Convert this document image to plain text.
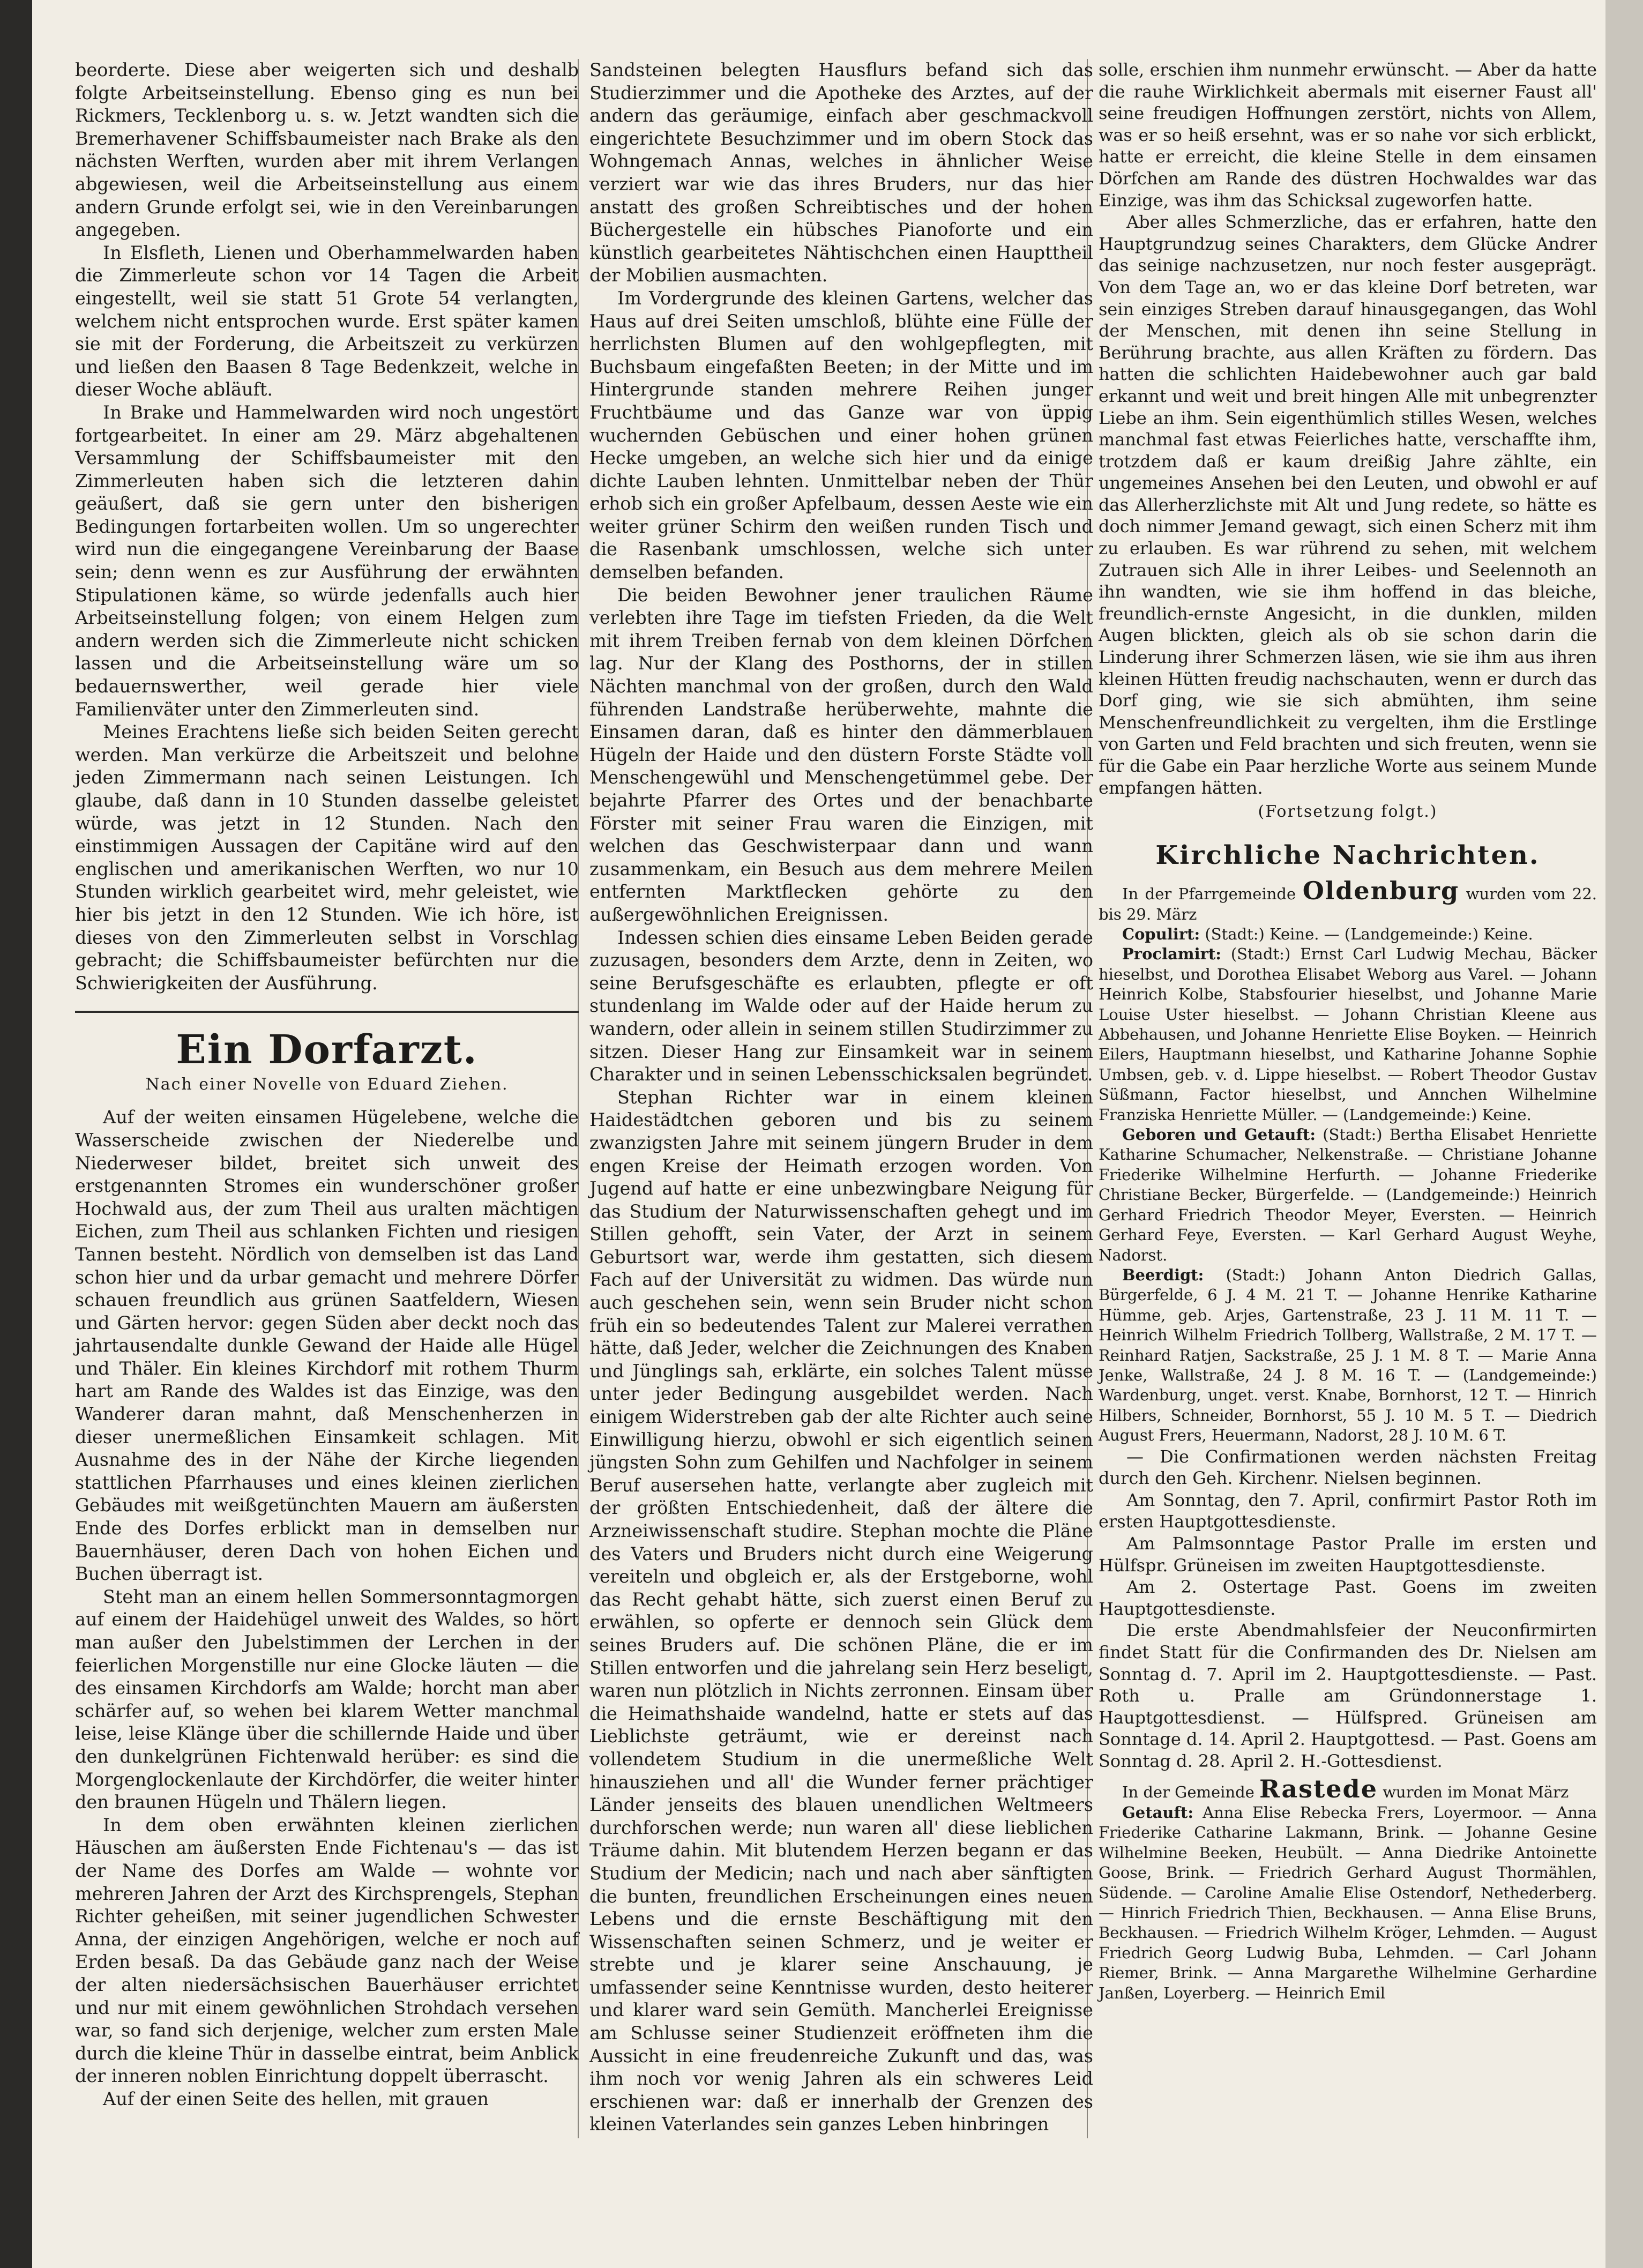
beorderte. Diese aber weigerten sich und deshalb folgte Arbeitseinstellung. Ebenso ging es nun bei Rickmers, Tecklenborg u. s. w. Jetzt wandten sich die Bremerhavener Schiffsbaumeister nach Brake als den nächsten Werften, wurden aber mit ihrem Verlangen abgewiesen, weil die Arbeitseinstellung aus einem andern Grunde erfolgt sei, wie in den Vereinbarungen angegeben.

In Elsfleth, Lienen und Oberhammelwarden haben die Zimmerleute schon vor 14 Tagen die Arbeit eingestellt, weil sie statt 51 Grote 54 verlangten, welchem nicht entsprochen wurde. Erst später kamen sie mit der Forderung, die Arbeitszeit zu verkürzen und ließen den Baasen 8 Tage Bedenkzeit, welche in dieser Woche abläuft.

In Brake und Hammelwarden wird noch ungestört fortgearbeitet. In einer am 29. März abgehaltenen Versammlung der Schiffsbaumeister mit den Zimmerleuten haben sich die letzteren dahin geäußert, daß sie gern unter den bisherigen Bedingungen fortarbeiten wollen. Um so ungerechter wird nun die eingegangene Vereinbarung der Baase sein; denn wenn es zur Ausführung der erwähnten Stipulationen käme, so würde jedenfalls auch hier Arbeitseinstellung folgen; von einem Helgen zum andern werden sich die Zimmerleute nicht schicken lassen und die Arbeitseinstellung wäre um so bedauernswerther, weil gerade hier viele Familienväter unter den Zimmerleuten sind.

Meines Erachtens ließe sich beiden Seiten gerecht werden. Man verkürze die Arbeitszeit und belohne jeden Zimmermann nach seinen Leistungen. Ich glaube, daß dann in 10 Stunden dasselbe geleistet würde, was jetzt in 12 Stunden. Nach den einstimmigen Aussagen der Capitäne wird auf den englischen und amerikanischen Werften, wo nur 10 Stunden wirklich gearbeitet wird, mehr geleistet, wie hier bis jetzt in den 12 Stunden. Wie ich höre, ist dieses von den Zimmerleuten selbst in Vorschlag gebracht; die Schiffsbaumeister befürchten nur die Schwierigkeiten der Ausführung.

Ein Dorfarzt.
Nach einer Novelle von Eduard Ziehen.

Auf der weiten einsamen Hügelebene, welche die Wasserscheide zwischen der Niederelbe und Niederweser bildet, breitet sich unweit des erstgenannten Stromes ein wunderschöner großer Hochwald aus, der zum Theil aus uralten mächtigen Eichen, zum Theil aus schlanken Fichten und riesigen Tannen besteht. Nördlich von demselben ist das Land schon hier und da urbar gemacht und mehrere Dörfer schauen freundlich aus grünen Saatfeldern, Wiesen und Gärten hervor: gegen Süden aber deckt noch das jahrtausendalte dunkle Gewand der Haide alle Hügel und Thäler. Ein kleines Kirchdorf mit rothem Thurm hart am Rande des Waldes ist das Einzige, was den Wanderer daran mahnt, daß Menschenherzen in dieser unermeßlichen Einsamkeit schlagen. Mit Ausnahme des in der Nähe der Kirche liegenden stattlichen Pfarrhauses und eines kleinen zierlichen Gebäudes mit weißgetünchten Mauern am äußersten Ende des Dorfes erblickt man in demselben nur Bauernhäuser, deren Dach von hohen Eichen und Buchen überragt ist.

Steht man an einem hellen Sommersonntagmorgen auf einem der Haidehügel unweit des Waldes, so hört man außer den Jubelstimmen der Lerchen in der feierlichen Morgenstille nur eine Glocke läuten — die des einsamen Kirchdorfs am Walde; horcht man aber schärfer auf, so wehen bei klarem Wetter manchmal leise, leise Klänge über die schillernde Haide und über den dunkelgrünen Fichtenwald herüber: es sind die Morgenglockenlaute der Kirchdörfer, die weiter hinter den braunen Hügeln und Thälern liegen.

In dem oben erwähnten kleinen zierlichen Häuschen am äußersten Ende Fichtenau's — das ist der Name des Dorfes am Walde — wohnte vor mehreren Jahren der Arzt des Kirchsprengels, Stephan Richter geheißen, mit seiner jugendlichen Schwester Anna, der einzigen Angehörigen, welche er noch auf Erden besaß. Da das Gebäude ganz nach der Weise der alten niedersächsischen Bauerhäuser errichtet und nur mit einem gewöhnlichen Strohdach versehen war, so fand sich derjenige, welcher zum ersten Male durch die kleine Thür in dasselbe eintrat, beim Anblick der inneren noblen Einrichtung doppelt überrascht.

Auf der einen Seite des hellen, mit grauen

Sandsteinen belegten Hausflurs befand sich das Studierzimmer und die Apotheke des Arztes, auf der andern das geräumige, einfach aber geschmackvoll eingerichtete Besuchzimmer und im obern Stock das Wohngemach Annas, welches in ähnlicher Weise verziert war wie das ihres Bruders, nur das hier anstatt des großen Schreibtisches und der hohen Büchergestelle ein hübsches Pianoforte und ein künstlich gearbeitetes Nähtischchen einen Haupttheil der Mobilien ausmachten.

Im Vordergrunde des kleinen Gartens, welcher das Haus auf drei Seiten umschloß, blühte eine Fülle der herrlichsten Blumen auf den wohlgepflegten, mit Buchsbaum eingefaßten Beeten; in der Mitte und im Hintergrunde standen mehrere Reihen junger Fruchtbäume und das Ganze war von üppig wuchernden Gebüschen und einer hohen grünen Hecke umgeben, an welche sich hier und da einige dichte Lauben lehnten. Unmittelbar neben der Thür erhob sich ein großer Apfelbaum, dessen Aeste wie ein weiter grüner Schirm den weißen runden Tisch und die Rasenbank umschlossen, welche sich unter demselben befanden.

Die beiden Bewohner jener traulichen Räume verlebten ihre Tage im tiefsten Frieden, da die Welt mit ihrem Treiben fernab von dem kleinen Dörfchen lag. Nur der Klang des Posthorns, der in stillen Nächten manchmal von der großen, durch den Wald führenden Landstraße herüberwehte, mahnte die Einsamen daran, daß es hinter den dämmerblauen Hügeln der Haide und den düstern Forste Städte voll Menschengewühl und Menschengetümmel gebe. Der bejahrte Pfarrer des Ortes und der benachbarte Förster mit seiner Frau waren die Einzigen, mit welchen das Geschwisterpaar dann und wann zusammenkam, ein Besuch aus dem mehrere Meilen entfernten Marktflecken gehörte zu den außergewöhnlichen Ereignissen.

Indessen schien dies einsame Leben Beiden gerade zuzusagen, besonders dem Arzte, denn in Zeiten, wo seine Berufsgeschäfte es erlaubten, pflegte er oft stundenlang im Walde oder auf der Haide herum zu wandern, oder allein in seinem stillen Studirzimmer zu sitzen. Dieser Hang zur Einsamkeit war in seinem Charakter und in seinen Lebensschicksalen begründet.

Stephan Richter war in einem kleinen Haidestädtchen geboren und bis zu seinem zwanzigsten Jahre mit seinem jüngern Bruder in dem engen Kreise der Heimath erzogen worden. Von Jugend auf hatte er eine unbezwingbare Neigung für das Studium der Naturwissenschaften gehegt und im Stillen gehofft, sein Vater, der Arzt in seinem Geburtsort war, werde ihm gestatten, sich diesem Fach auf der Universität zu widmen. Das würde nun auch geschehen sein, wenn sein Bruder nicht schon früh ein so bedeutendes Talent zur Malerei verrathen hätte, daß Jeder, welcher die Zeichnungen des Knaben und Jünglings sah, erklärte, ein solches Talent müsse unter jeder Bedingung ausgebildet werden. Nach einigem Widerstreben gab der alte Richter auch seine Einwilligung hierzu, obwohl er sich eigentlich seinen jüngsten Sohn zum Gehilfen und Nachfolger in seinem Beruf ausersehen hatte, verlangte aber zugleich mit der größten Entschiedenheit, daß der ältere die Arzneiwissenschaft studire. Stephan mochte die Pläne des Vaters und Bruders nicht durch eine Weigerung vereiteln und obgleich er, als der Erstgeborne, wohl das Recht gehabt hätte, sich zuerst einen Beruf zu erwählen, so opferte er dennoch sein Glück dem seines Bruders auf. Die schönen Pläne, die er im Stillen entworfen und die jahrelang sein Herz beseligt, waren nun plötzlich in Nichts zerronnen. Einsam über die Heimathshaide wandelnd, hatte er stets auf das Lieblichste geträumt, wie er dereinst nach vollendetem Studium in die unermeßliche Welt hinausziehen und all' die Wunder ferner prächtiger Länder jenseits des blauen unendlichen Weltmeers durchforschen werde; nun waren all' diese lieblichen Träume dahin. Mit blutendem Herzen begann er das Studium der Medicin; nach und nach aber sänftigten die bunten, freundlichen Erscheinungen eines neuen Lebens und die ernste Beschäftigung mit den Wissenschaften seinen Schmerz, und je weiter er strebte und je klarer seine Anschauung, je umfassender seine Kenntnisse wurden, desto heiterer und klarer ward sein Gemüth. Mancherlei Ereignisse am Schlusse seiner Studienzeit eröffneten ihm die Aussicht in eine freudenreiche Zukunft und das, was ihm noch vor wenig Jahren als ein schweres Leid erschienen war: daß er innerhalb der Grenzen des kleinen Vaterlandes sein ganzes Leben hinbringen

solle, erschien ihm nunmehr erwünscht. — Aber da hatte die rauhe Wirklichkeit abermals mit eiserner Faust all' seine freudigen Hoffnungen zerstört, nichts von Allem, was er so heiß ersehnt, was er so nahe vor sich erblickt, hatte er erreicht, die kleine Stelle in dem einsamen Dörfchen am Rande des düstren Hochwaldes war das Einzige, was ihm das Schicksal zugeworfen hatte.

Aber alles Schmerzliche, das er erfahren, hatte den Hauptgrundzug seines Charakters, dem Glücke Andrer das seinige nachzusetzen, nur noch fester ausgeprägt. Von dem Tage an, wo er das kleine Dorf betreten, war sein einziges Streben darauf hinausgegangen, das Wohl der Menschen, mit denen ihn seine Stellung in Berührung brachte, aus allen Kräften zu fördern. Das hatten die schlichten Haidebewohner auch gar bald erkannt und weit und breit hingen Alle mit unbegrenzter Liebe an ihm. Sein eigenthümlich stilles Wesen, welches manchmal fast etwas Feierliches hatte, verschaffte ihm, trotzdem daß er kaum dreißig Jahre zählte, ein ungemeines Ansehen bei den Leuten, und obwohl er auf das Allerherzlichste mit Alt und Jung redete, so hätte es doch nimmer Jemand gewagt, sich einen Scherz mit ihm zu erlauben. Es war rührend zu sehen, mit welchem Zutrauen sich Alle in ihrer Leibes- und Seelennoth an ihn wandten, wie sie ihm hoffend in das bleiche, freundlich-ernste Angesicht, in die dunklen, milden Augen blickten, gleich als ob sie schon darin die Linderung ihrer Schmerzen läsen, wie sie ihm aus ihren kleinen Hütten freudig nachschauten, wenn er durch das Dorf ging, wie sie sich abmühten, ihm seine Menschenfreundlichkeit zu vergelten, ihm die Erstlinge von Garten und Feld brachten und sich freuten, wenn sie für die Gabe ein Paar herzliche Worte aus seinem Munde empfangen hätten.

(Fortsetzung folgt.)
Kirchliche Nachrichten.

In der Pfarrgemeinde Oldenburg wurden vom 22. bis 29. März

Copulirt: (Stadt:) Keine. — (Landgemeinde:) Keine.

Proclamirt: (Stadt:) Ernst Carl Ludwig Mechau, Bäcker hieselbst, und Dorothea Elisabet Weborg aus Varel. — Johann Heinrich Kolbe, Stabsfourier hieselbst, und Johanne Marie Louise Uster hieselbst. — Johann Christian Kleene aus Abbehausen, und Johanne Henriette Elise Boyken. — Heinrich Eilers, Hauptmann hieselbst, und Katharine Johanne Sophie Umbsen, geb. v. d. Lippe hieselbst. — Robert Theodor Gustav Süßmann, Factor hieselbst, und Annchen Wilhelmine Franziska Henriette Müller. — (Landgemeinde:) Keine.

Geboren und Getauft: (Stadt:) Bertha Elisabet Henriette Katharine Schumacher, Nelkenstraße. — Christiane Johanne Friederike Wilhelmine Herfurth. — Johanne Friederike Christiane Becker, Bürgerfelde. — (Landgemeinde:) Heinrich Gerhard Friedrich Theodor Meyer, Eversten. — Heinrich Gerhard Feye, Eversten. — Karl Gerhard August Weyhe, Nadorst.

Beerdigt: (Stadt:) Johann Anton Diedrich Gallas, Bürgerfelde, 6 J. 4 M. 21 T. — Johanne Henrike Katharine Hümme, geb. Arjes, Gartenstraße, 23 J. 11 M. 11 T. — Heinrich Wilhelm Friedrich Tollberg, Wallstraße, 2 M. 17 T. — Reinhard Ratjen, Sackstraße, 25 J. 1 M. 8 T. — Marie Anna Jenke, Wallstraße, 24 J. 8 M. 16 T. — (Landgemeinde:) Wardenburg, unget. verst. Knabe, Bornhorst, 12 T. — Hinrich Hilbers, Schneider, Bornhorst, 55 J. 10 M. 5 T. — Diedrich August Frers, Heuermann, Nadorst, 28 J. 10 M. 6 T.

— Die Confirmationen werden nächsten Freitag durch den Geh. Kirchenr. Nielsen beginnen.

Am Sonntag, den 7. April, confirmirt Pastor Roth im ersten Hauptgottesdienste.

Am Palmsonntage Pastor Pralle im ersten und Hülfspr. Grüneisen im zweiten Hauptgottesdienste.

Am 2. Ostertage Past. Goens im zweiten Hauptgottesdienste.

Die erste Abendmahlsfeier der Neuconfirmirten findet Statt für die Confirmanden des Dr. Nielsen am Sonntag d. 7. April im 2. Hauptgottesdienste. — Past. Roth u. Pralle am Gründonnerstage 1. Hauptgottesdienst. — Hülfspred. Grüneisen am Sonntage d. 14. April 2. Hauptgottesd. — Past. Goens am Sonntag d. 28. April 2. H.-Gottesdienst.

In der Gemeinde Rastede wurden im Monat März

Getauft: Anna Elise Rebecka Frers, Loyermoor. — Anna Friederike Catharine Lakmann, Brink. — Johanne Gesine Wilhelmine Beeken, Heubült. — Anna Diedrike Antoinette Goose, Brink. — Friedrich Gerhard August Thormählen, Südende. — Caroline Amalie Elise Ostendorf, Nethederberg. — Hinrich Friedrich Thien, Beckhausen. — Anna Elise Bruns, Beckhausen. — Friedrich Wilhelm Kröger, Lehmden. — August Friedrich Georg Ludwig Buba, Lehmden. — Carl Johann Riemer, Brink. — Anna Margarethe Wilhelmine Gerhardine Janßen, Loyerberg. — Heinrich Emil
